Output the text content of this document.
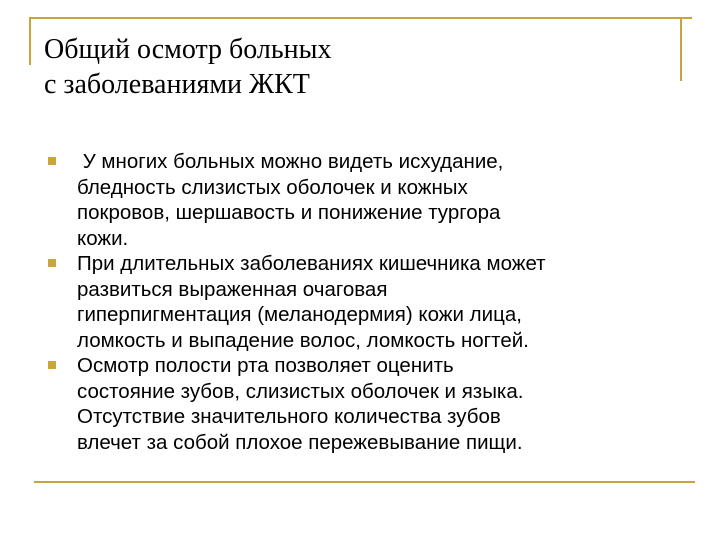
Общий осмотр больных
с заболеваниями ЖКТ
У многих больных можно видеть исхудание,
бледность слизистых оболочек и кожных
покровов, шершавость и понижение тургора
кожи.
При длительных заболеваниях кишечника может
развиться выраженная очаговая
гиперпигментация (меланодермия) кожи лица,
ломкость и выпадение волос, ломкость ногтей.
Осмотр полости рта позволяет оценить
состояние зубов, слизистых оболочек и языка.
Отсутствие значительного количества зубов
влечет за собой плохое пережевывание пищи.
